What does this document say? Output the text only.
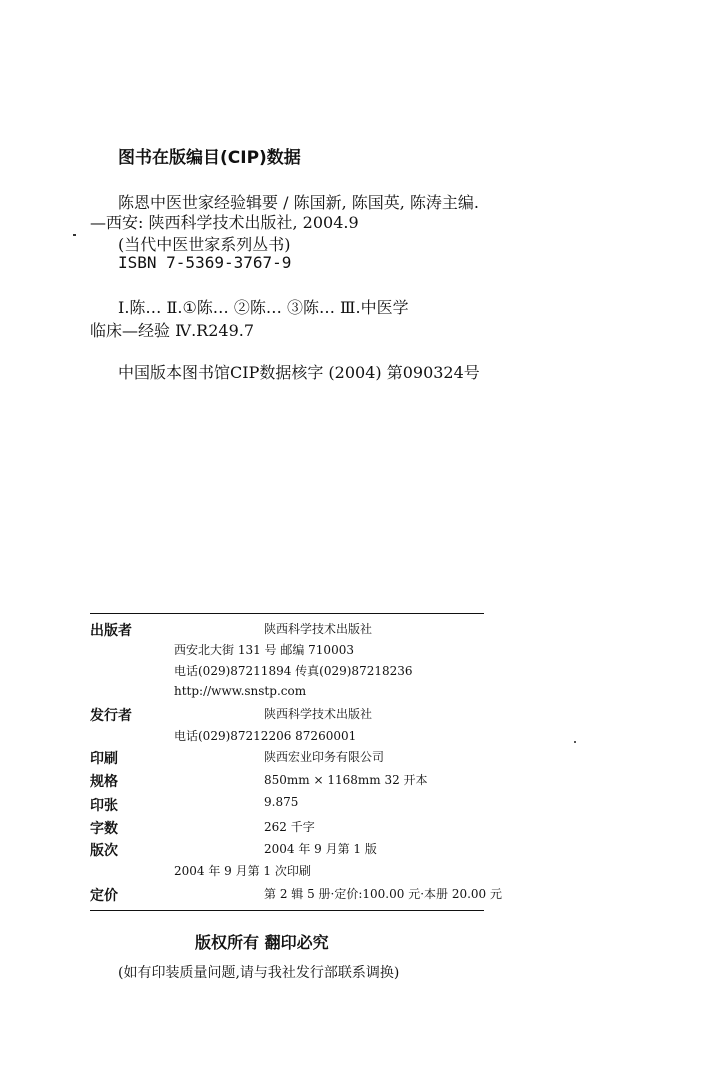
图书在版编目(CIP)数据
陈恩中医世家经验辑要 / 陈国新, 陈国英, 陈涛主编.
—西安: 陕西科学技术出版社, 2004.9
(当代中医世家系列丛书)
ISBN 7-5369-3767-9
Ⅰ.陈… Ⅱ.①陈… ②陈… ③陈… Ⅲ.中医学
临床—经验 Ⅳ.R249.7
中国版本图书馆CIP数据核字 (2004) 第090324号
出版者	陕西科学技术出版社
西安北大街 131 号 邮编 710003
电话(029)87211894 传真(029)87218236
http://www.snstp.com
发行者	陕西科学技术出版社
电话(029)87212206 87260001
印刷	陕西宏业印务有限公司
规格	850mm × 1168mm 32 开本
印张	9.875
字数	262 千字
版次	2004 年 9 月第 1 版
2004 年 9 月第 1 次印刷
定价	第 2 辑 5 册·定价:100.00 元·本册 20.00 元
版权所有 翻印必究
(如有印装质量问题,请与我社发行部联系调换)
